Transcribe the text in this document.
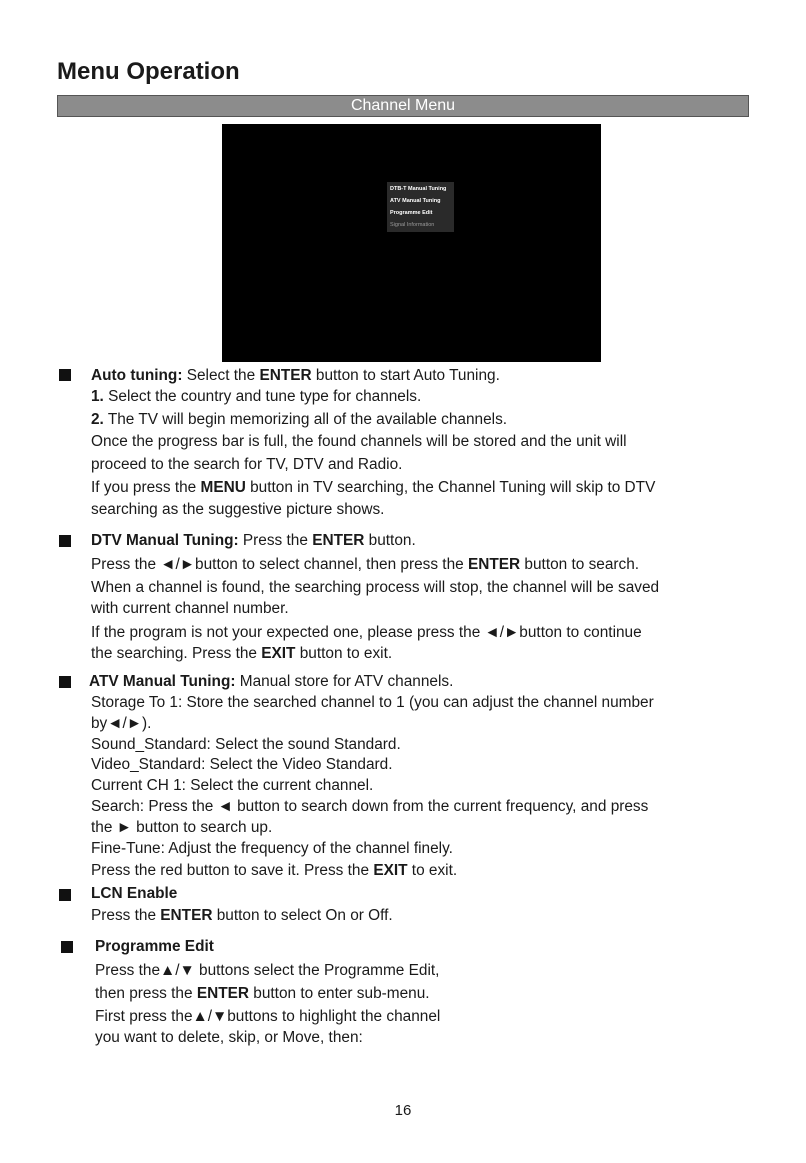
Menu Operation
Channel Menu
DTB-T Manual Tuning
ATV Manual Tuning
Programme Edit
Signal Information
Auto tuning: Select the ENTER button to start Auto Tuning.
1. Select the country and tune type for channels.
2. The TV will begin memorizing all of the available channels.
Once the progress bar is full, the found channels will be stored and the unit will
proceed to the search for TV, DTV and Radio.
If you press the MENU button in TV searching, the Channel Tuning will skip to DTV
searching as the suggestive picture shows.
DTV Manual Tuning: Press the ENTER button.
Press the ◄/►button to select channel, then press the ENTER button to search.
When a channel is found, the searching process will stop, the channel will be saved
with current channel number.
If the program is not your expected one, please press the ◄/►button to continue
the searching. Press the EXIT button to exit.
ATV Manual Tuning: Manual store for ATV channels.
Storage To 1: Store the searched channel to 1 (you can adjust the channel number
by◄/►).
Sound_Standard: Select the sound Standard.
Video_Standard: Select the Video Standard.
Current CH 1: Select the current channel.
Search: Press the ◄ button to search down from the current frequency, and press
the ► button to search up.
Fine-Tune: Adjust the frequency of the channel finely.
Press the red button to save it. Press the EXIT to exit.
LCN Enable
Press the ENTER button to select On or Off.
Programme Edit
Press the▲/▼ buttons select the Programme Edit,
then press the ENTER button to enter sub-menu.
First press the▲/▼buttons to highlight the channel
you want to delete, skip, or Move, then:
16
